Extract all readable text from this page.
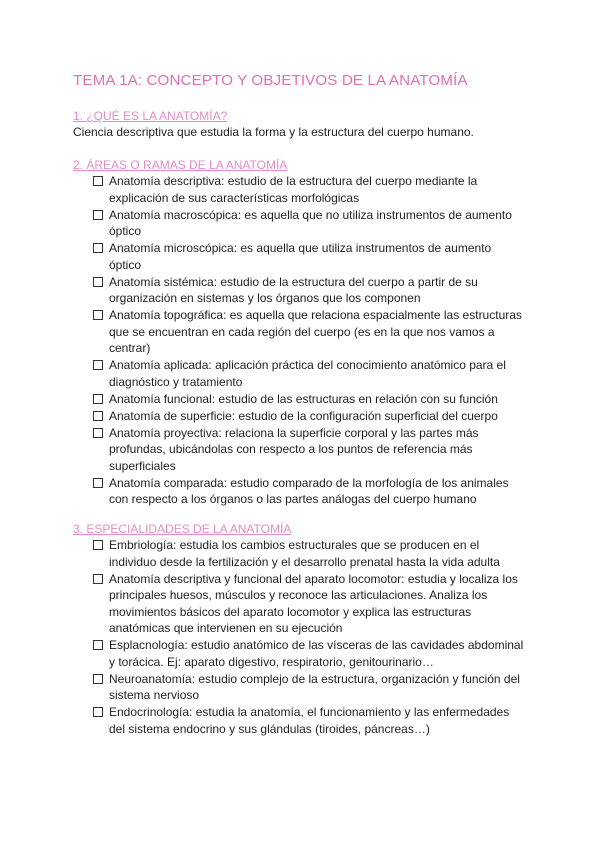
TEMA 1A: CONCEPTO Y OBJETIVOS DE LA ANATOMÍA

1. ¿QUÉ ES LA ANATOMÍA?

Ciencia descriptiva que estudia la forma y la estructura del cuerpo humano.

2. ÁREAS O RAMAS DE LA ANATOMÍA

Anatomía descriptiva: estudio de la estructura del cuerpo mediante la
explicación de sus características morfológicas
Anatomía macroscópica: es aquella que no utiliza instrumentos de aumento
óptico
Anatomía microscópica: es aquella que utiliza instrumentos de aumento
óptico
Anatomía sistémica: estudio de la estructura del cuerpo a partir de su
organización en sistemas y los órganos que los componen
Anatomía topográfica: es aquella que relaciona espacialmente las estructuras
que se encuentran en cada región del cuerpo (es en la que nos vamos a
centrar)
Anatomía aplicada: aplicación práctica del conocimiento anatómico para el
diagnóstico y tratamiento
Anatomía funcional: estudio de las estructuras en relación con su función
Anatomía de superficie: estudio de la configuración superficial del cuerpo
Anatomía proyectiva: relaciona la superficie corporal y las partes más
profundas, ubicándolas con respecto a los puntos de referencia más
superficiales
Anatomía comparada: estudio comparado de la morfología de los animales
con respecto a los órganos o las partes análogas del cuerpo humano

3. ESPECIALIDADES DE LA ANATOMÍA

Embriología: estudia los cambios estructurales que se producen en el
individuo desde la fertilización y el desarrollo prenatal hasta la vida adulta
Anatomía descriptiva y funcional del aparato locomotor: estudia y localiza los
principales huesos, músculos y reconoce las articulaciones. Analiza los
movimientos básicos del aparato locomotor y explica las estructuras
anatómicas que intervienen en su ejecución
Esplacnología: estudio anatómico de las vísceras de las cavidades abdominal
y torácica. Ej: aparato digestivo, respiratorio, genitourinario…
Neuroanatomía: estudio complejo de la estructura, organización y función del
sistema nervioso
Endocrinología: estudia la anatomía, el funcionamiento y las enfermedades
del sistema endocrino y sus glándulas (tiroides, páncreas…)
